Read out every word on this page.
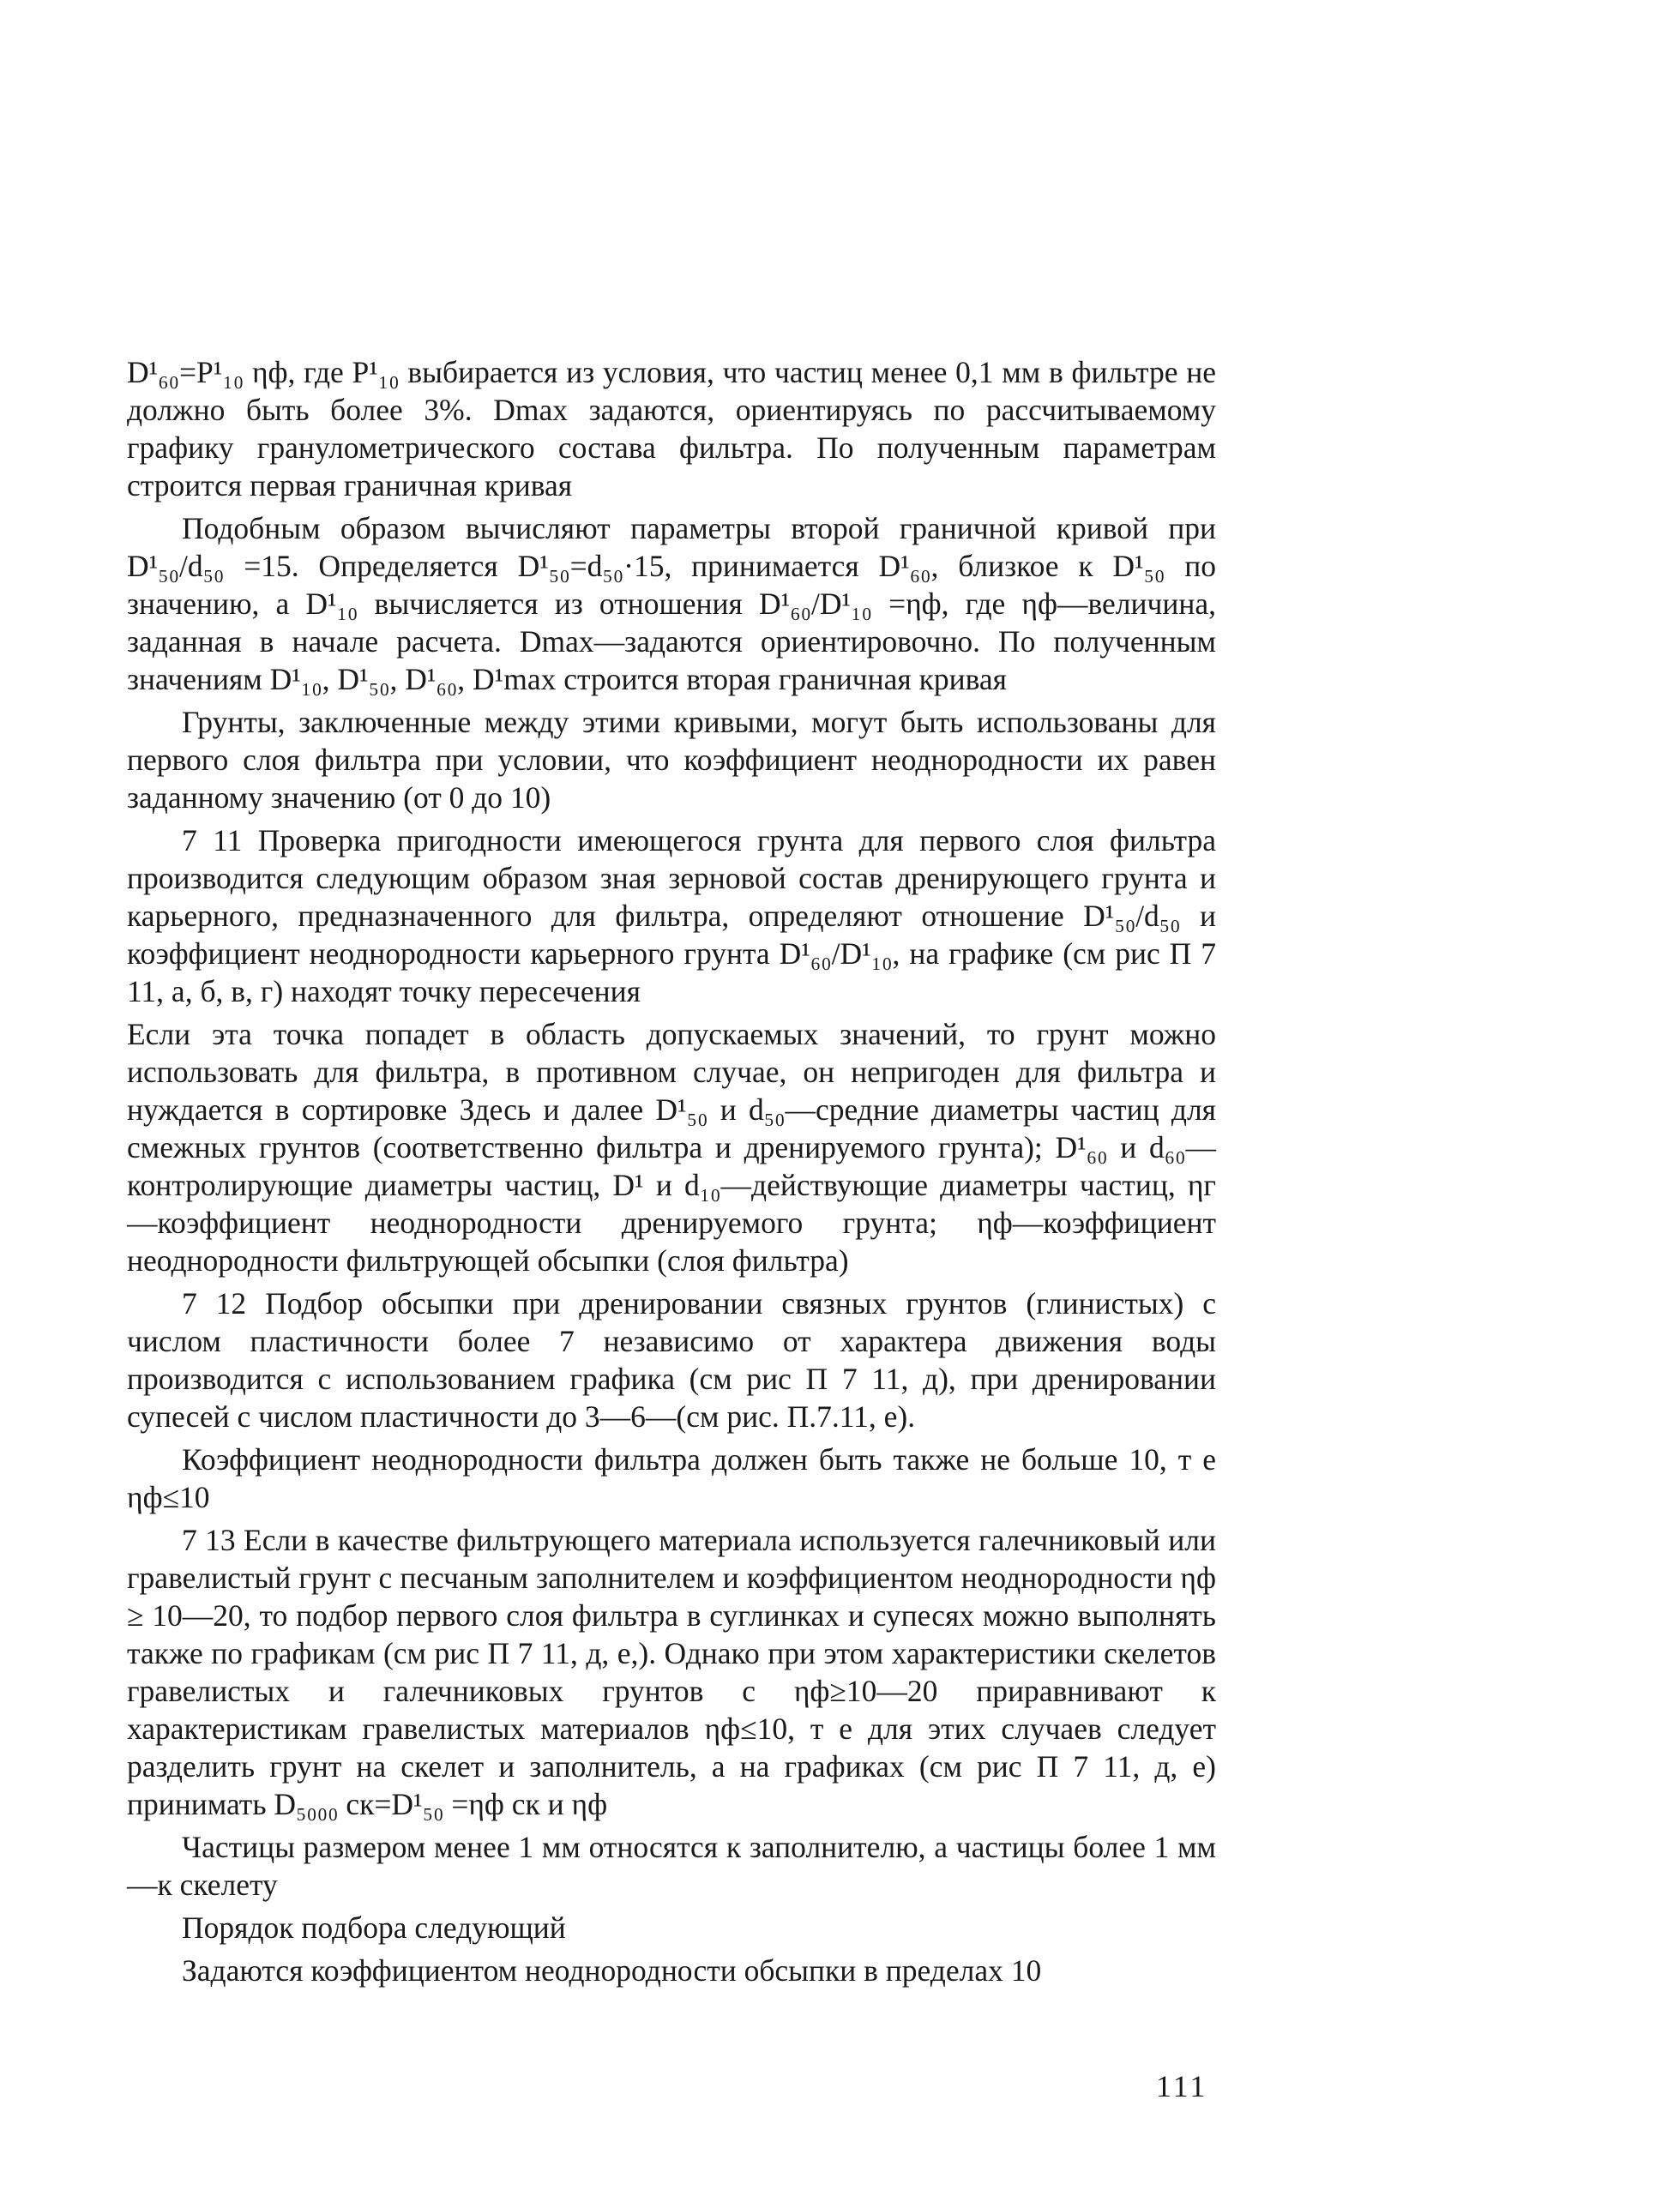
D¹₆₀=P¹₁₀ ηф, где P¹₁₀ выбирается из условия, что частиц менее 0,1 мм в фильтре не должно быть более 3%. Dmax задаются, ориентируясь по рассчитываемому графику гранулометрического состава фильтра. По полученным параметрам строится первая граничная кривая

Подобным образом вычисляют параметры второй граничной кривой при D¹₅₀/d₅₀ =15. Определяется D¹₅₀=d₅₀·15, принимается D¹₆₀, близкое к D¹₅₀ по значению, а D¹₁₀ вычисляется из отношения D¹₆₀/D¹₁₀ =ηф, где ηф—величина, заданная в начале расчета. Dmax—задаются ориентировочно. По полученным значениям D¹₁₀, D¹₅₀, D¹₆₀, D¹max строится вторая граничная кривая

Грунты, заключенные между этими кривыми, могут быть использованы для первого слоя фильтра при условии, что коэффициент неоднородности их равен заданному значению (от 0 до 10)

7 11 Проверка пригодности имеющегося грунта для первого слоя фильтра производится следующим образом зная зерновой состав дренирующего грунта и карьерного, предназначенного для фильтра, определяют отношение D¹₅₀/d₅₀ и коэффициент неоднородности карьерного грунта D¹₆₀/D¹₁₀, на графике (см рис П 7 11, а, б, в, г) находят точку пересечения

Если эта точка попадет в область допускаемых значений, то грунт можно использовать для фильтра, в противном случае, он непригоден для фильтра и нуждается в сортировке Здесь и далее D¹₅₀ и d₅₀—средние диаметры частиц для смежных грунтов (соответственно фильтра и дренируемого грунта); D¹₆₀ и d₆₀—контролирующие диаметры частиц, D¹ и d₁₀—действующие диаметры частиц, ηг —коэффициент неоднородности дренируемого грунта; ηф—коэффициент неоднородности фильтрующей обсыпки (слоя фильтра)

7 12 Подбор обсыпки при дренировании связных грунтов (глинистых) с числом пластичности более 7 независимо от характера движения воды производится с использованием графика (см рис П 7 11, д), при дренировании супесей с числом пластичности до 3—6—(см рис. П.7.11, е).

Коэффициент неоднородности фильтра должен быть также не больше 10, т е ηф≤10

7 13 Если в качестве фильтрующего материала используется галечниковый или гравелистый грунт с песчаным заполнителем и коэффициентом неоднородности ηф ≥ 10—20, то подбор первого слоя фильтра в суглинках и супесях можно выполнять также по графикам (см рис П 7 11, д, е,). Однако при этом характеристики скелетов гравелистых и галечниковых грунтов с ηф≥10—20 приравнивают к характеристикам гравелистых материалов ηф≤10, т е для этих случаев следует разделить грунт на скелет и заполнитель, а на графиках (см рис П 7 11, д, е) принимать D₅₀₀₀ ск=D¹₅₀ =ηф ск и ηф

Частицы размером менее 1 мм относятся к заполнителю, а частицы более 1 мм—к скелету

Порядок подбора следующий

Задаются коэффициентом неоднородности обсыпки в пределах 10

111
